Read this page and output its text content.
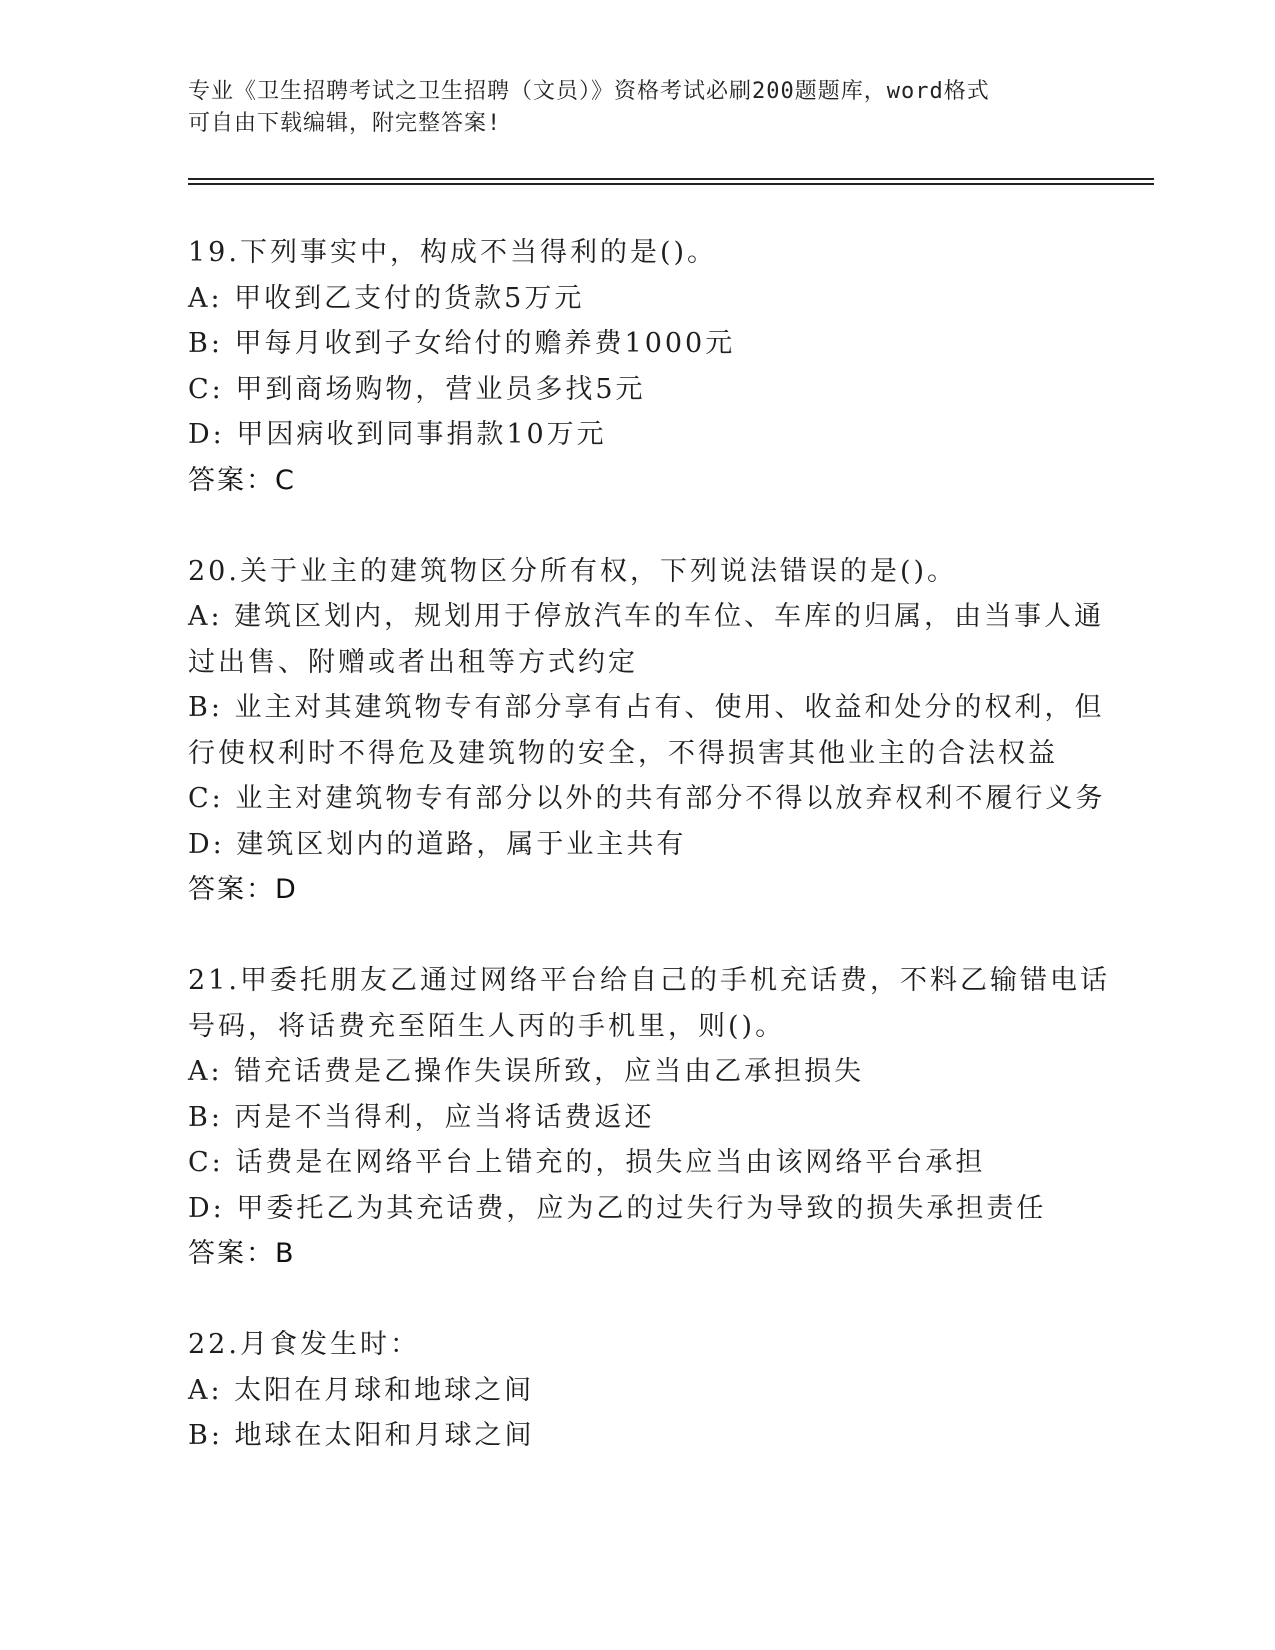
专业《卫生招聘考试之卫生招聘（文员）》资格考试必刷200题题库，word格式
可自由下载编辑，附完整答案!
19.下列事实中，构成不当得利的是()。
A: 甲收到乙支付的货款5万元
B: 甲每月收到子女给付的赡养费1000元
C: 甲到商场购物，营业员多找5元
D: 甲因病收到同事捐款10万元
答案：C
20.关于业主的建筑物区分所有权，下列说法错误的是()。
A: 建筑区划内，规划用于停放汽车的车位、车库的归属，由当事人通
过出售、附赠或者出租等方式约定
B: 业主对其建筑物专有部分享有占有、使用、收益和处分的权利，但
行使权利时不得危及建筑物的安全，不得损害其他业主的合法权益
C: 业主对建筑物专有部分以外的共有部分不得以放弃权利不履行义务
D: 建筑区划内的道路，属于业主共有
答案：D
21.甲委托朋友乙通过网络平台给自己的手机充话费，不料乙输错电话
号码，将话费充至陌生人丙的手机里，则()。
A: 错充话费是乙操作失误所致，应当由乙承担损失
B: 丙是不当得利，应当将话费返还
C: 话费是在网络平台上错充的，损失应当由该网络平台承担
D: 甲委托乙为其充话费，应为乙的过失行为导致的损失承担责任
答案：B
22.月食发生时：
A: 太阳在月球和地球之间
B: 地球在太阳和月球之间
